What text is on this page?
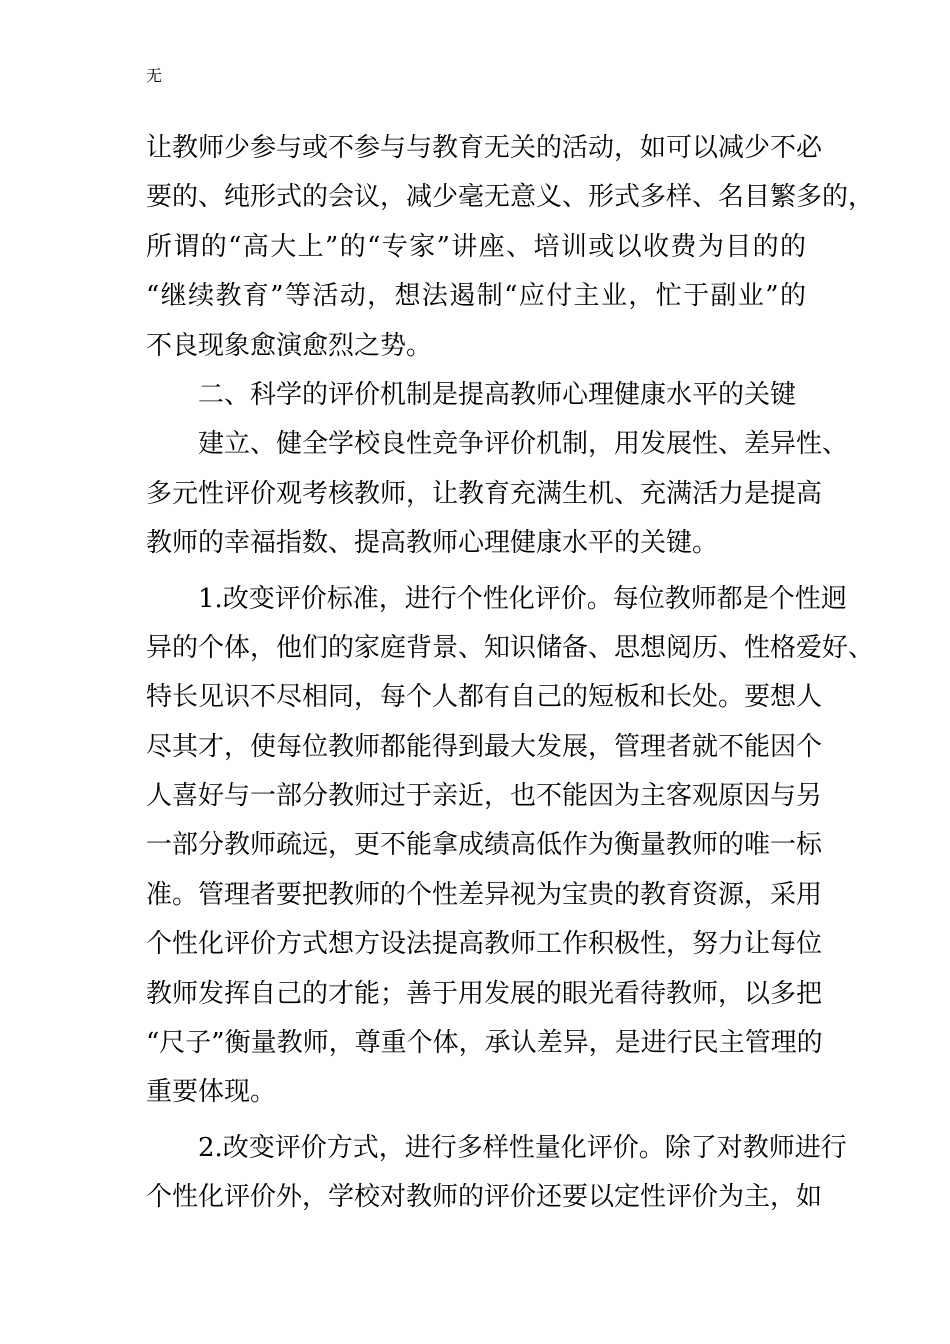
无
让教师少参与或不参与与教育无关的活动，如可以减少不必
要的、纯形式的会议，减少毫无意义、形式多样、名目繁多的，
所谓的“高大上”的“专家”讲座、培训或以收费为目的的
“继续教育”等活动，想法遏制“应付主业，忙于副业”的
不良现象愈演愈烈之势。
二、科学的评价机制是提高教师心理健康水平的关键
建立、健全学校良性竞争评价机制，用发展性、差异性、
多元性评价观考核教师，让教育充满生机、充满活力是提高
教师的幸福指数、提高教师心理健康水平的关键。
1.改变评价标准，进行个性化评价。每位教师都是个性迥
异的个体，他们的家庭背景、知识储备、思想阅历、性格爱好、
特长见识不尽相同，每个人都有自己的短板和长处。要想人
尽其才，使每位教师都能得到最大发展，管理者就不能因个
人喜好与一部分教师过于亲近，也不能因为主客观原因与另
一部分教师疏远，更不能拿成绩高低作为衡量教师的唯一标
准。管理者要把教师的个性差异视为宝贵的教育资源，采用
个性化评价方式想方设法提高教师工作积极性，努力让每位
教师发挥自己的才能；善于用发展的眼光看待教师，以多把
“尺子”衡量教师，尊重个体，承认差异，是进行民主管理的
重要体现。
2.改变评价方式，进行多样性量化评价。除了对教师进行
个性化评价外，学校对教师的评价还要以定性评价为主，如
